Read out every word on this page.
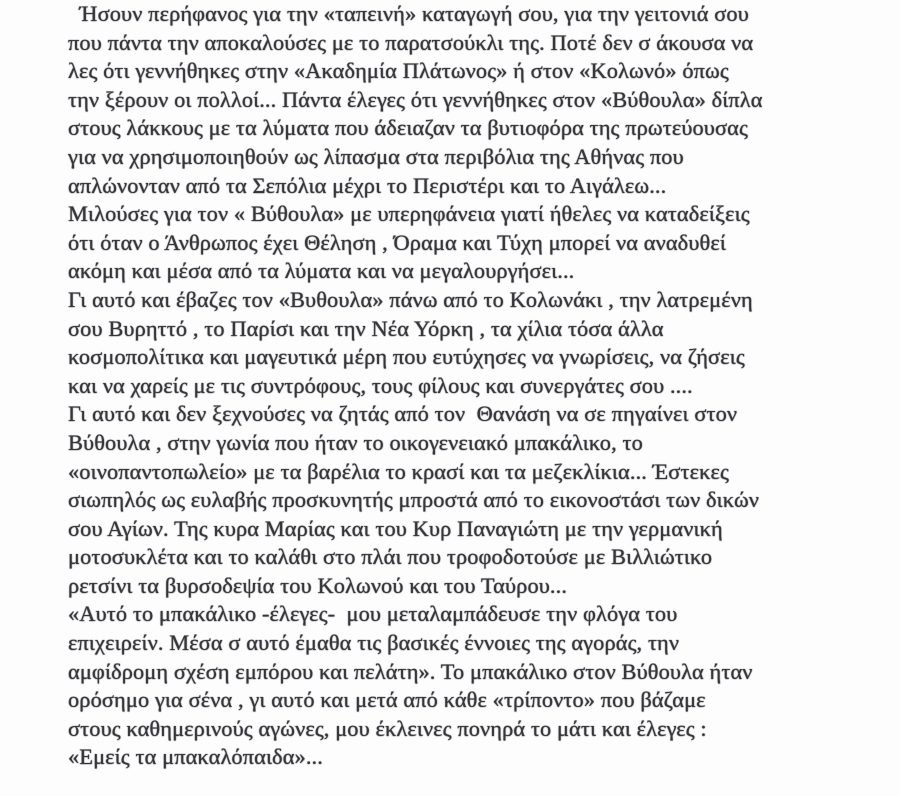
Ήσουν περήφανος για την «ταπεινή» καταγωγή σου, για την γειτονιά σου
που πάντα την αποκαλούσες με το παρατσούκλι της. Ποτέ δεν σ άκουσα να
λες ότι γεννήθηκες στην «Ακαδημία Πλάτωνος» ή στον «Κολωνό» όπως
την ξέρουν οι πολλοί... Πάντα έλεγες ότι γεννήθηκες στον «Βύθουλα» δίπλα
στους λάκκους με τα λύματα που άδειαζαν τα βυτιοφόρα της πρωτεύουσας
για να χρησιμοποιηθούν ως λίπασμα στα περιβόλια της Αθήνας που
απλώνονταν από τα Σεπόλια μέχρι το Περιστέρι και το Αιγάλεω...
Μιλούσες για τον « Βύθουλα» με υπερηφάνεια γιατί ήθελες να καταδείξεις
ότι όταν ο Άνθρωπος έχει Θέληση , Όραμα και Τύχη μπορεί να αναδυθεί
ακόμη και μέσα από τα λύματα και να μεγαλουργήσει...
Γι αυτό και έβαζες τον «Βυθουλα» πάνω από το Κολωνάκι , την λατρεμένη
σου Βυρηττό , το Παρίσι και την Νέα Υόρκη , τα χίλια τόσα άλλα
κοσμοπολίτικα και μαγευτικά μέρη που ευτύχησες να γνωρίσεις, να ζήσεις
και να χαρείς με τις συντρόφους, τους φίλους και συνεργάτες σου ....
Γι αυτό και δεν ξεχνούσες να ζητάς από τον  Θανάση να σε πηγαίνει στον
Βύθουλα , στην γωνία που ήταν το οικογενειακό μπακάλικο, το
«οινοπαντοπωλείο» με τα βαρέλια το κρασί και τα μεζεκλίκια... Έστεκες
σιωπηλός ως ευλαβής προσκυνητής μπροστά από το εικονοστάσι των δικών
σου Αγίων. Της κυρα Μαρίας και του Κυρ Παναγιώτη με την γερμανική
μοτοσυκλέτα και το καλάθι στο πλάι που τροφοδοτούσε με Βιλλιώτικο
ρετσίνι τα βυρσοδεψία του Κολωνού και του Ταύρου...
«Αυτό το μπακάλικο -έλεγες-  μου μεταλαμπάδευσε την φλόγα του
επιχειρείν. Μέσα σ αυτό έμαθα τις βασικές έννοιες της αγοράς, την
αμφίδρομη σχέση εμπόρου και πελάτη». Το μπακάλικο στον Βύθουλα ήταν
ορόσημο για σένα , γι αυτό και μετά από κάθε «τρίποντο» που βάζαμε
στους καθημερινούς αγώνες, μου έκλεινες πονηρά το μάτι και έλεγες :
«Εμείς τα μπακαλόπαιδα»...
